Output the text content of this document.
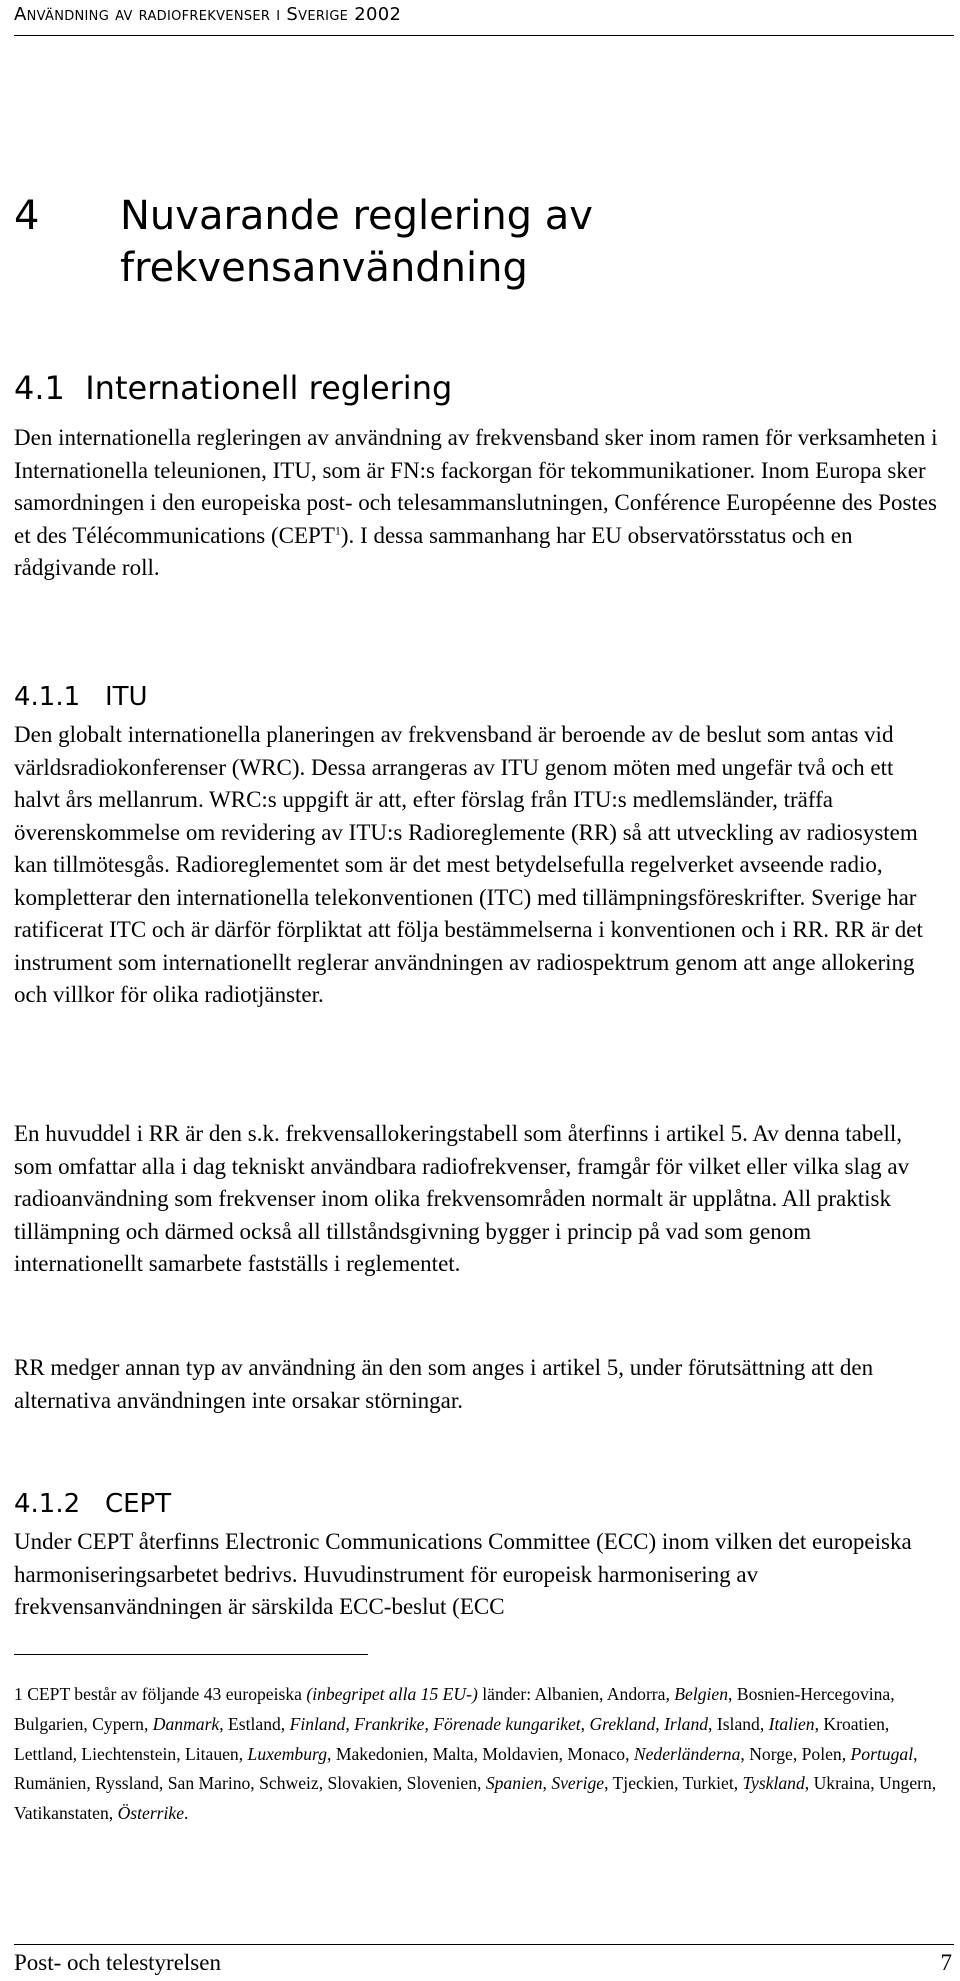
Användning av radiofrekvenser i Sverige 2002
4 Nuvarande reglering av
frekvensanvändning
4.1 Internationell reglering

Den internationella regleringen av användning av frekvensband sker inom ramen för verksamheten i Internationella teleunionen, ITU, som är FN:s fackorgan för tekommunikationer. Inom Europa sker samordningen i den europeiska post- och telesammanslutningen, Conférence Européenne des Postes et des Télécommunications (CEPT$^1$). I dessa sammanhang har EU observatörsstatus och en rådgivande roll.

4.1.1 ITU

Den globalt internationella planeringen av frekvensband är beroende av de beslut som antas vid världsradiokonferenser (WRC). Dessa arrangeras av ITU genom möten med ungefär två och ett halvt års mellanrum. WRC:s uppgift är att, efter förslag från ITU:s medlemsländer, träffa överenskommelse om revidering av ITU:s Radioreglemente (RR) så att utveckling av radiosystem kan tillmötesgås. Radioreglementet som är det mest betydelsefulla regelverket avseende radio, kompletterar den internationella telekonventionen (ITC) med tillämpningsföreskrifter. Sverige har ratificerat ITC och är därför förpliktat att följa bestämmelserna i konventionen och i RR. RR är det instrument som internationellt reglerar användningen av radiospektrum genom att ange allokering och villkor för olika radiotjänster.

En huvuddel i RR är den s.k. frekvensallokeringstabell som återfinns i artikel 5. Av denna tabell, som omfattar alla i dag tekniskt användbara radiofrekvenser, framgår för vilket eller vilka slag av radioanvändning som frekvenser inom olika frekvensområden normalt är upplåtna. All praktisk tillämpning och därmed också all tillståndsgivning bygger i princip på vad som genom internationellt samarbete fastställs i reglementet.

RR medger annan typ av användning än den som anges i artikel 5, under förutsättning att den alternativa användningen inte orsakar störningar.

4.1.2 CEPT

Under CEPT återfinns Electronic Communications Committee (ECC) inom vilken det europeiska harmoniseringsarbetet bedrivs. Huvudinstrument för europeisk harmonisering av frekvensanvändningen är särskilda ECC-beslut (ECC

1 CEPT består av följande 43 europeiska (inbegripet alla 15 EU-) länder: Albanien, Andorra, Belgien, Bosnien-Hercegovina, Bulgarien, Cypern, Danmark, Estland, Finland, Frankrike, Förenade kungariket, Grekland, Irland, Island, Italien, Kroatien, Lettland, Liechtenstein, Litauen, Luxemburg, Makedonien, Malta, Moldavien, Monaco, Nederländerna, Norge, Polen, Portugal, Rumänien, Ryssland, San Marino, Schweiz, Slovakien, Slovenien, Spanien, Sverige, Tjeckien, Turkiet, Tyskland, Ukraina, Ungern, Vatikanstaten, Österrike.

Post- och telestyrelsen	7
